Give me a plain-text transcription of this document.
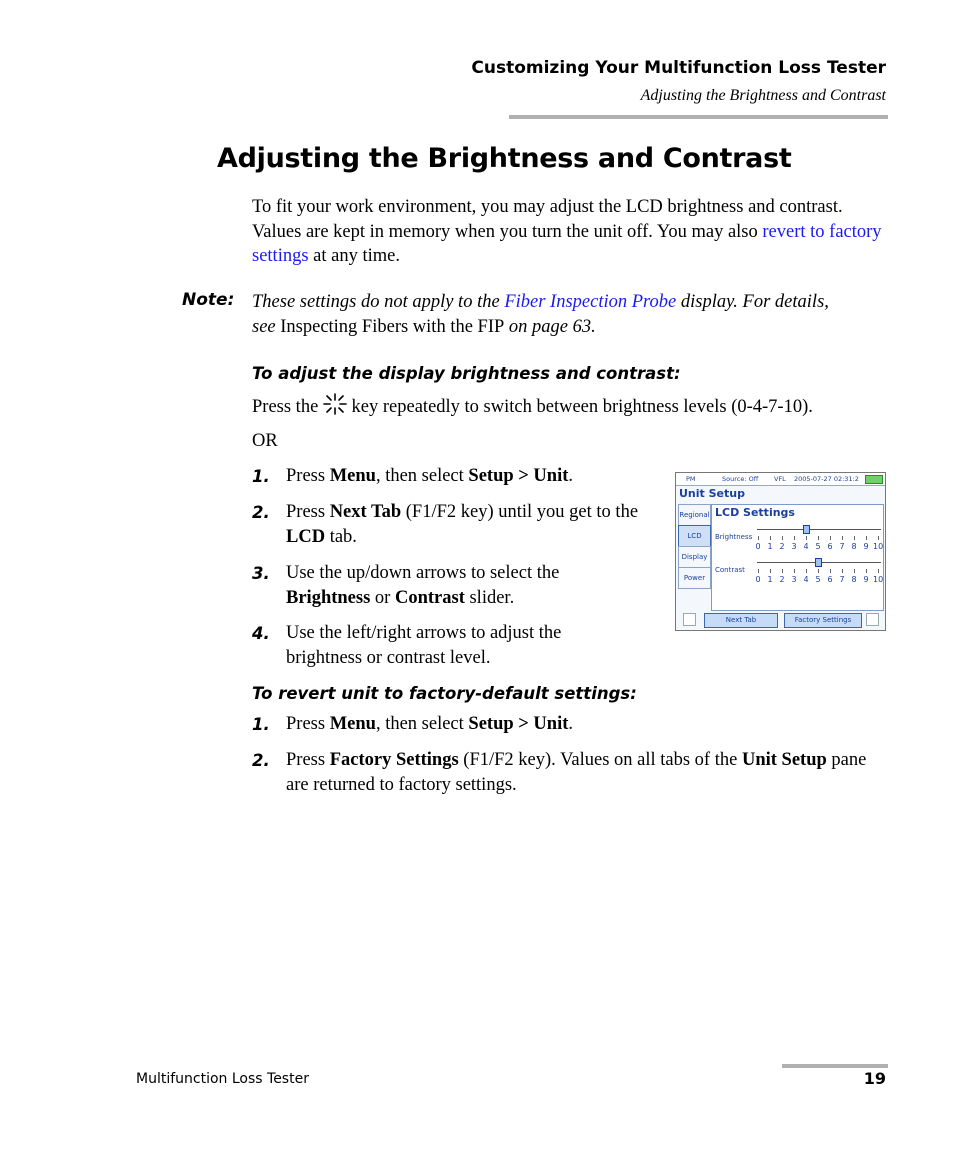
Customizing Your Multifunction Loss Tester
Adjusting the Brightness and Contrast
Adjusting the Brightness and Contrast
To fit your work environment, you may adjust the LCD brightness and contrast. Values are kept in memory when you turn the unit off. You may also revert to factory settings at any time.
Note: These settings do not apply to the Fiber Inspection Probe display. For details, see Inspecting Fibers with the FIP on page 63.
To adjust the display brightness and contrast:
Press the  key repeatedly to switch between brightness levels (0-4-7-10).
OR
1. Press Menu, then select Setup > Unit.
2. Press Next Tab (F1/F2 key) until you get to the LCD tab.
3. Use the up/down arrows to select the Brightness or Contrast slider.
4. Use the left/right arrows to adjust the brightness or contrast level.
PM	Source: Off VFL 2005-07-27 02:31:2
Unit Setup
Regional
LCD
Display
Power
LCD Settings
Brightness
0 1 2 3 4 5 6 7 8 9 10
Contrast
0 1 2 3 4 5 6 7 8 9 10
Next Tab	Factory Settings
To revert unit to factory-default settings:
1. Press Menu, then select Setup > Unit.
2. Press Factory Settings (F1/F2 key). Values on all tabs of the Unit Setup pane are returned to factory settings.
Multifunction Loss Tester	19
